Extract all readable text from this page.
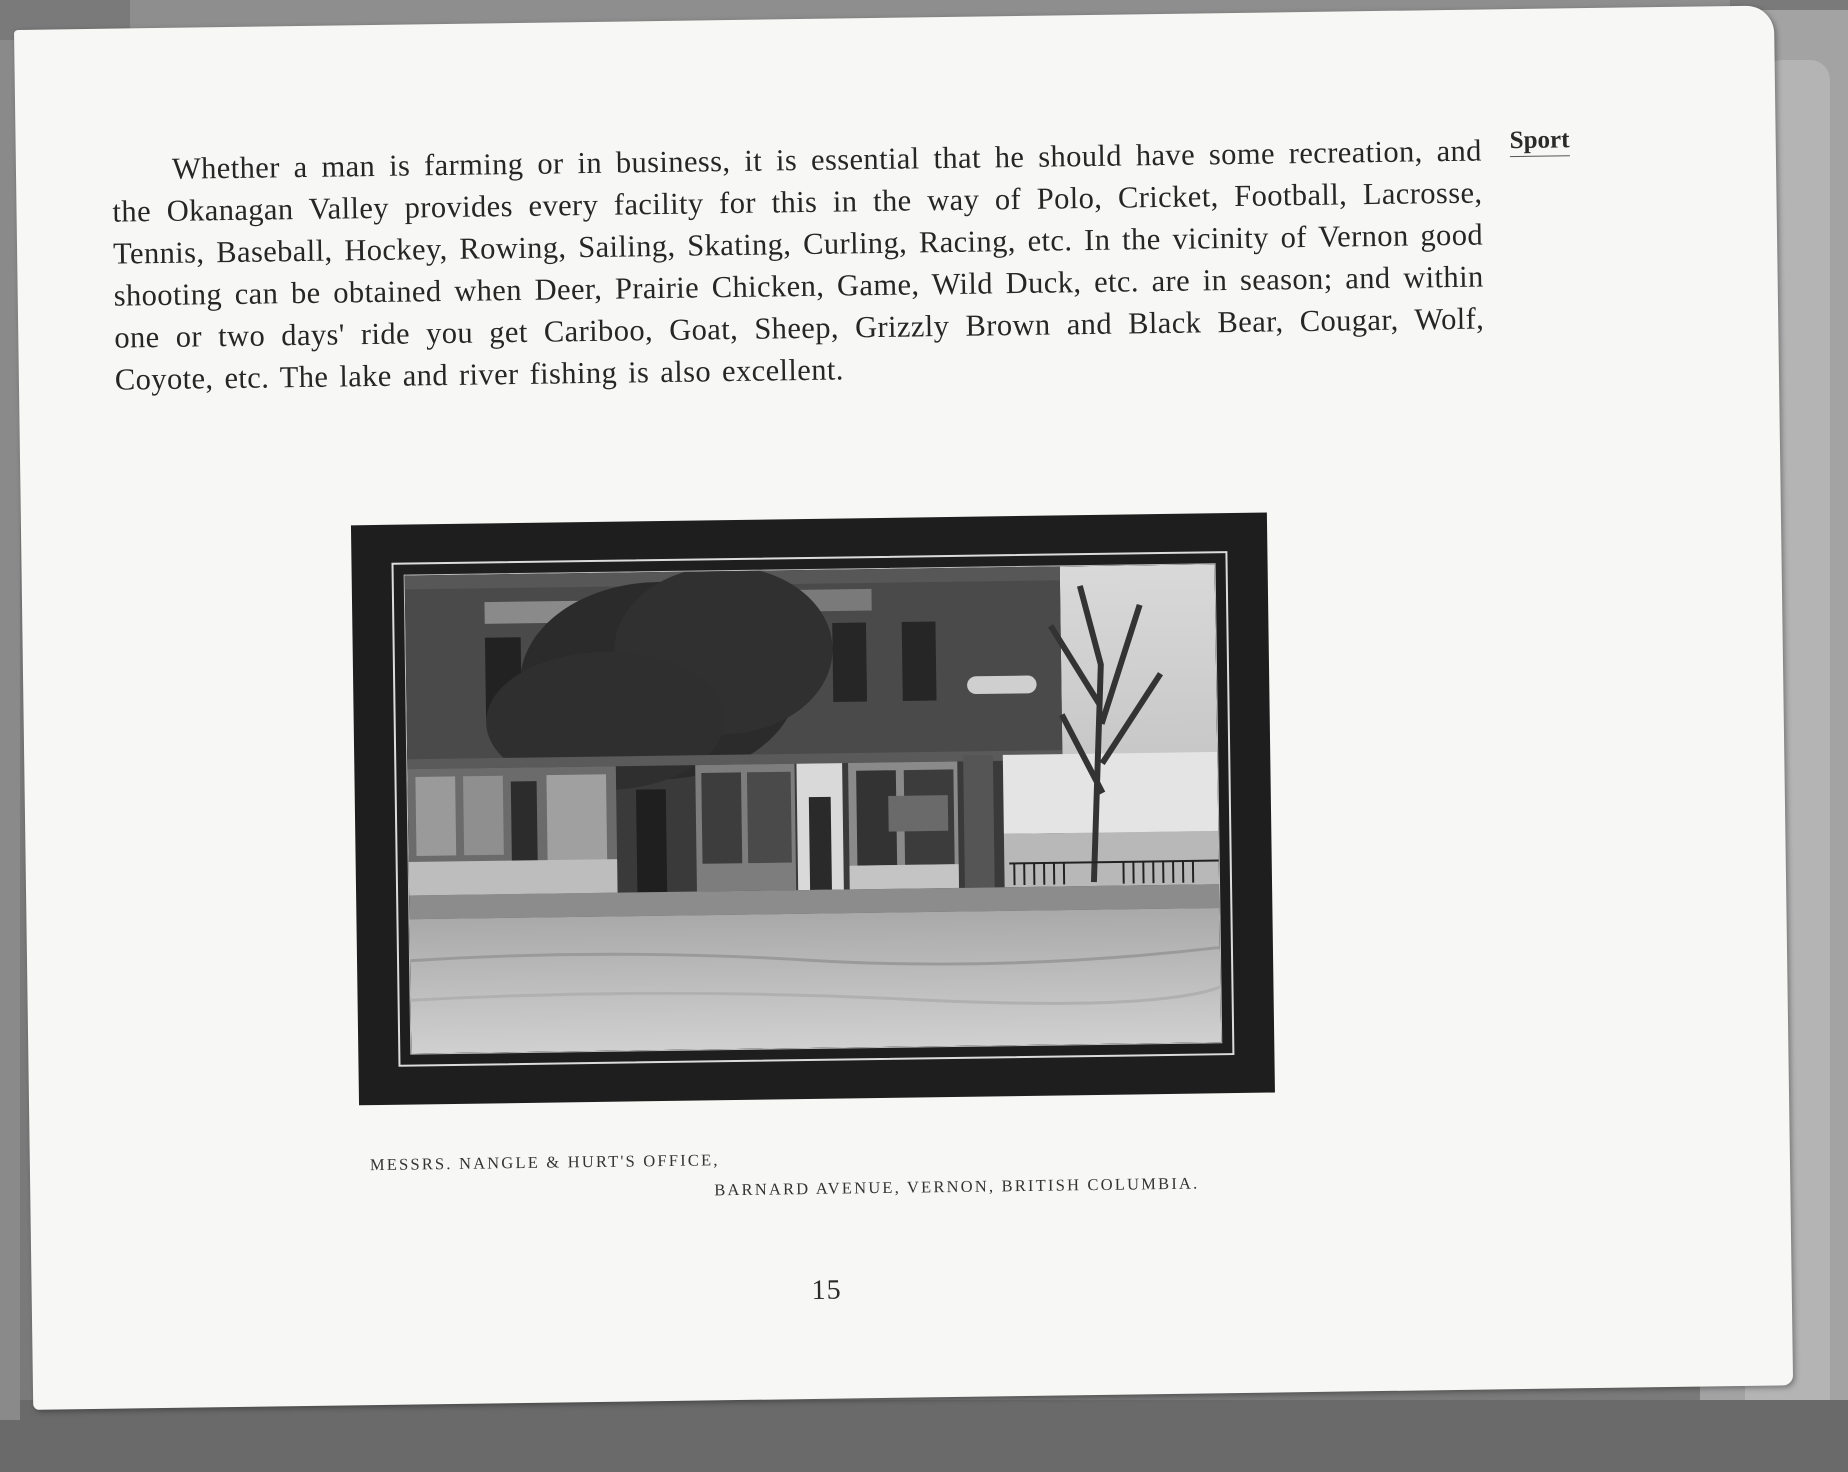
Whether a man is farming or in business, it is essential that he should have some recreation, and the Okanagan Valley provides every facility for this in the way of Polo, Cricket, Football, Lacrosse, Tennis, Baseball, Hockey, Rowing, Sailing, Skating, Curling, Racing, etc. In the vicinity of Vernon good shooting can be obtained when Deer, Prairie Chicken, Game, Wild Duck, etc. are in season; and within one or two days' ride you get Cariboo, Goat, Sheep, Grizzly Brown and Black Bear, Cougar, Wolf, Coyote, etc. The lake and river fishing is also excellent.
Sport
MESSRS. NANGLE & HURT'S OFFICE,
BARNARD AVENUE, VERNON, BRITISH COLUMBIA.
15
